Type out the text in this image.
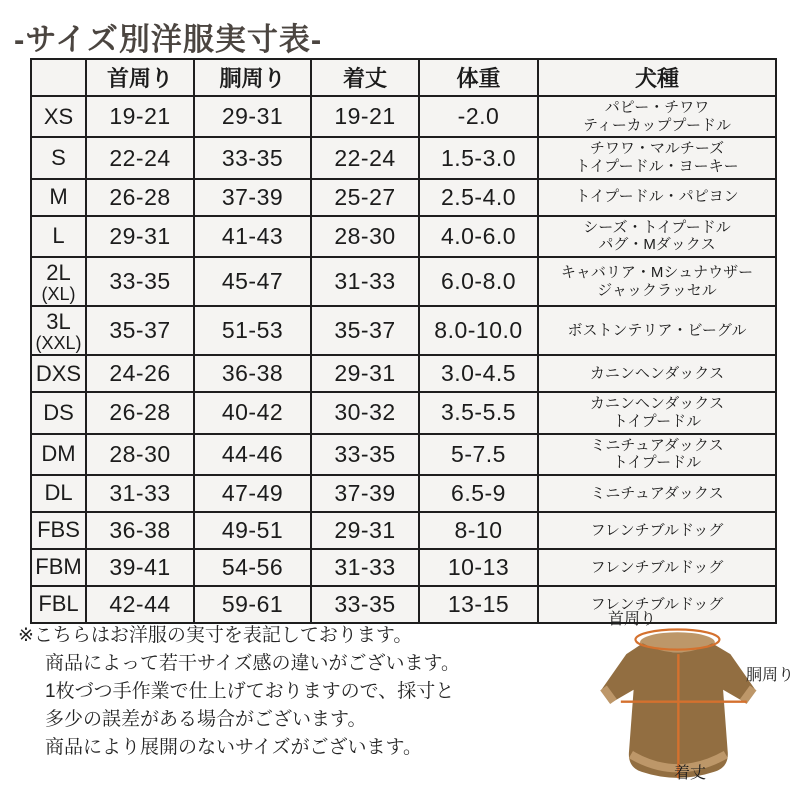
-サイズ別洋服実寸表-
	首周り	胴周り	着丈	体重	犬種

XS	19-21	29-31	19-21	-2.0	パピー・チワワ
ティーカッププードル

S	22-24	33-35	22-24	1.5-3.0	チワワ・マルチーズ
トイプードル・ヨーキー

M	26-28	37-39	25-27	2.5-4.0	トイプードル・パピヨン

L	29-31	41-43	28-30	4.0-6.0	シーズ・トイプードル
パグ・Mダックス

2L
(XL)	33-35	45-47	31-33	6.0-8.0	キャバリア・Mシュナウザー
ジャックラッセル

3L
(XXL)	35-37	51-53	35-37	8.0-10.0	ボストンテリア・ビーグル

DXS	24-26	36-38	29-31	3.0-4.5	カニンヘンダックス

DS	26-28	40-42	30-32	3.5-5.5	カニンヘンダックス
トイプードル

DM	28-30	44-46	33-35	5-7.5	ミニチュアダックス
トイプードル

DL	31-33	47-49	37-39	6.5-9	ミニチュアダックス

FBS	36-38	49-51	29-31	8-10	フレンチブルドッグ

FBM	39-41	54-56	31-33	10-13	フレンチブルドッグ

FBL	42-44	59-61	33-35	13-15	フレンチブルドッグ
※こちらはお洋服の実寸を表記しております。
商品によって若干サイズ感の違いがございます。
1枚づつ手作業で仕上げておりますので、採寸と
多少の誤差がある場合がございます。
商品により展開のないサイズがございます。
首周り
胴周り
着丈
